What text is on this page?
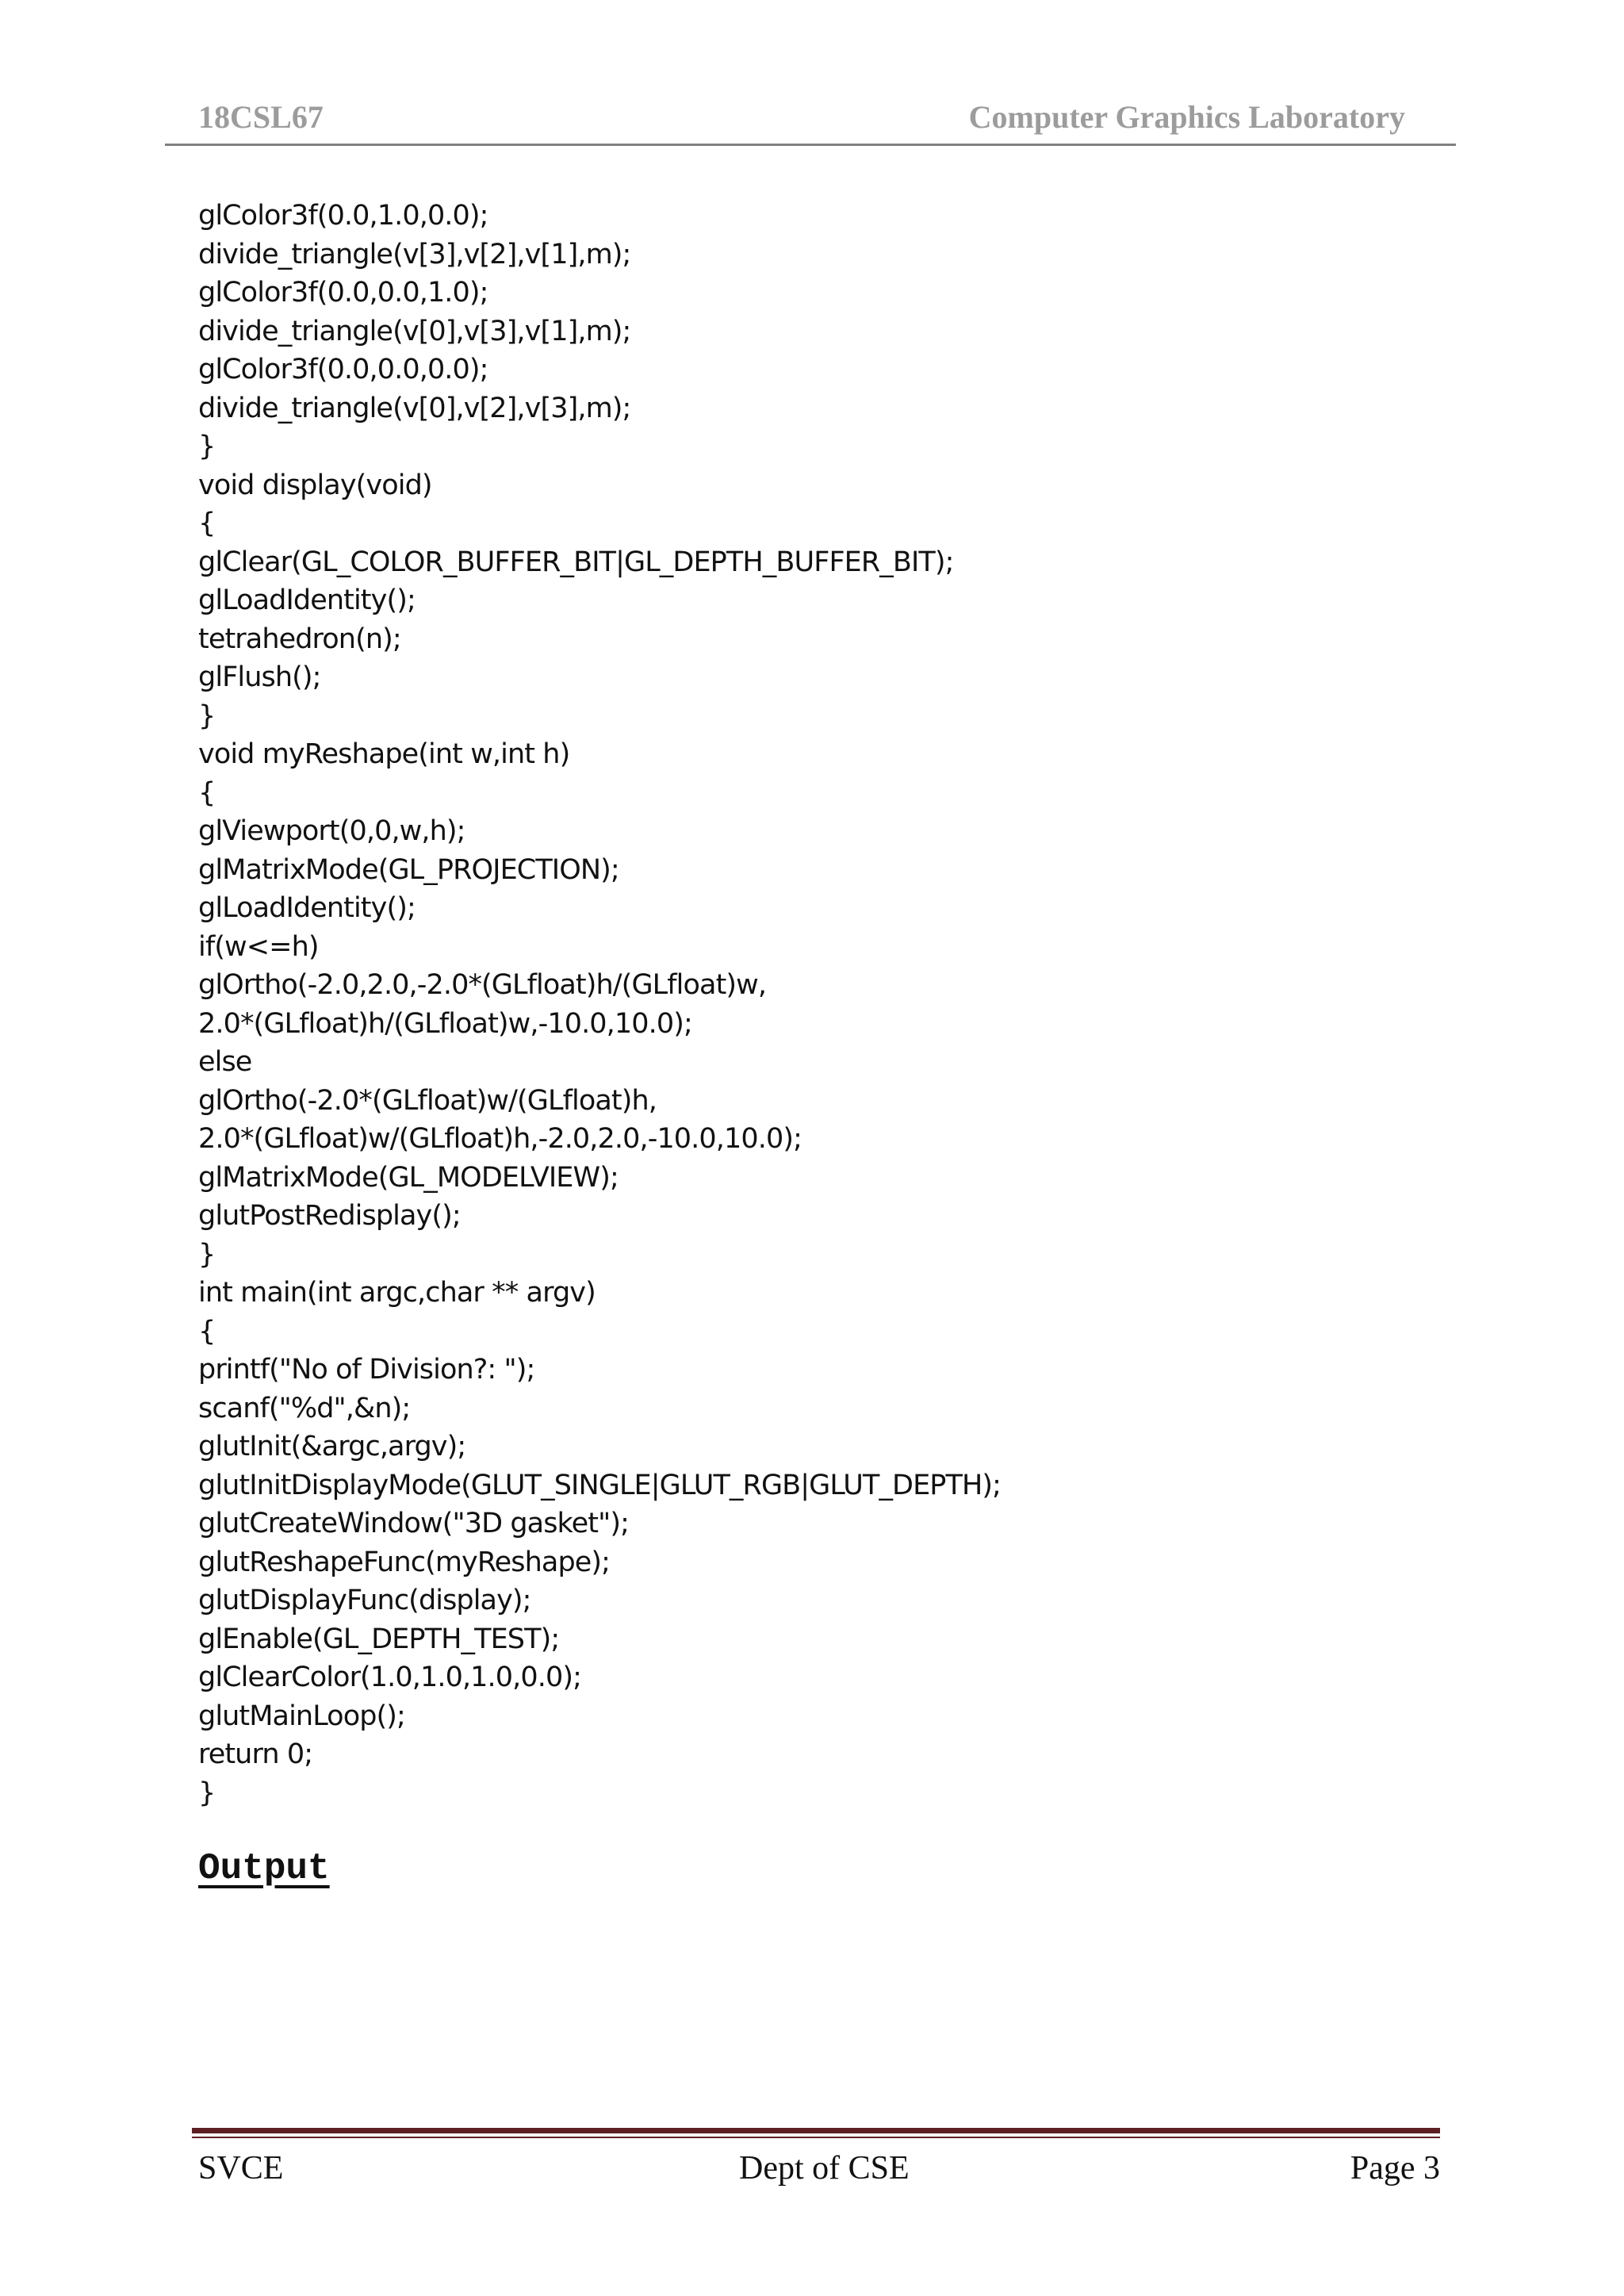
18CSL67	Computer Graphics Laboratory
glColor3f(0.0,1.0,0.0);
divide_triangle(v[3],v[2],v[1],m);
glColor3f(0.0,0.0,1.0);
divide_triangle(v[0],v[3],v[1],m);
glColor3f(0.0,0.0,0.0);
divide_triangle(v[0],v[2],v[3],m);
}
void display(void)
{
glClear(GL_COLOR_BUFFER_BIT|GL_DEPTH_BUFFER_BIT);
glLoadIdentity();
tetrahedron(n);
glFlush();
}
void myReshape(int w,int h)
{
glViewport(0,0,w,h);
glMatrixMode(GL_PROJECTION);
glLoadIdentity();
if(w<=h)
glOrtho(-2.0,2.0,-2.0*(GLfloat)h/(GLfloat)w,
2.0*(GLfloat)h/(GLfloat)w,-10.0,10.0);
else
glOrtho(-2.0*(GLfloat)w/(GLfloat)h,
2.0*(GLfloat)w/(GLfloat)h,-2.0,2.0,-10.0,10.0);
glMatrixMode(GL_MODELVIEW);
glutPostRedisplay();
}
int main(int argc,char ** argv)
{
printf("No of Division?: ");
scanf("%d",&n);
glutInit(&argc,argv);
glutInitDisplayMode(GLUT_SINGLE|GLUT_RGB|GLUT_DEPTH);
glutCreateWindow("3D gasket");
glutReshapeFunc(myReshape);
glutDisplayFunc(display);
glEnable(GL_DEPTH_TEST);
glClearColor(1.0,1.0,1.0,0.0);
glutMainLoop();
return 0;
}
Output
SVCE	Dept of CSE	Page 3
